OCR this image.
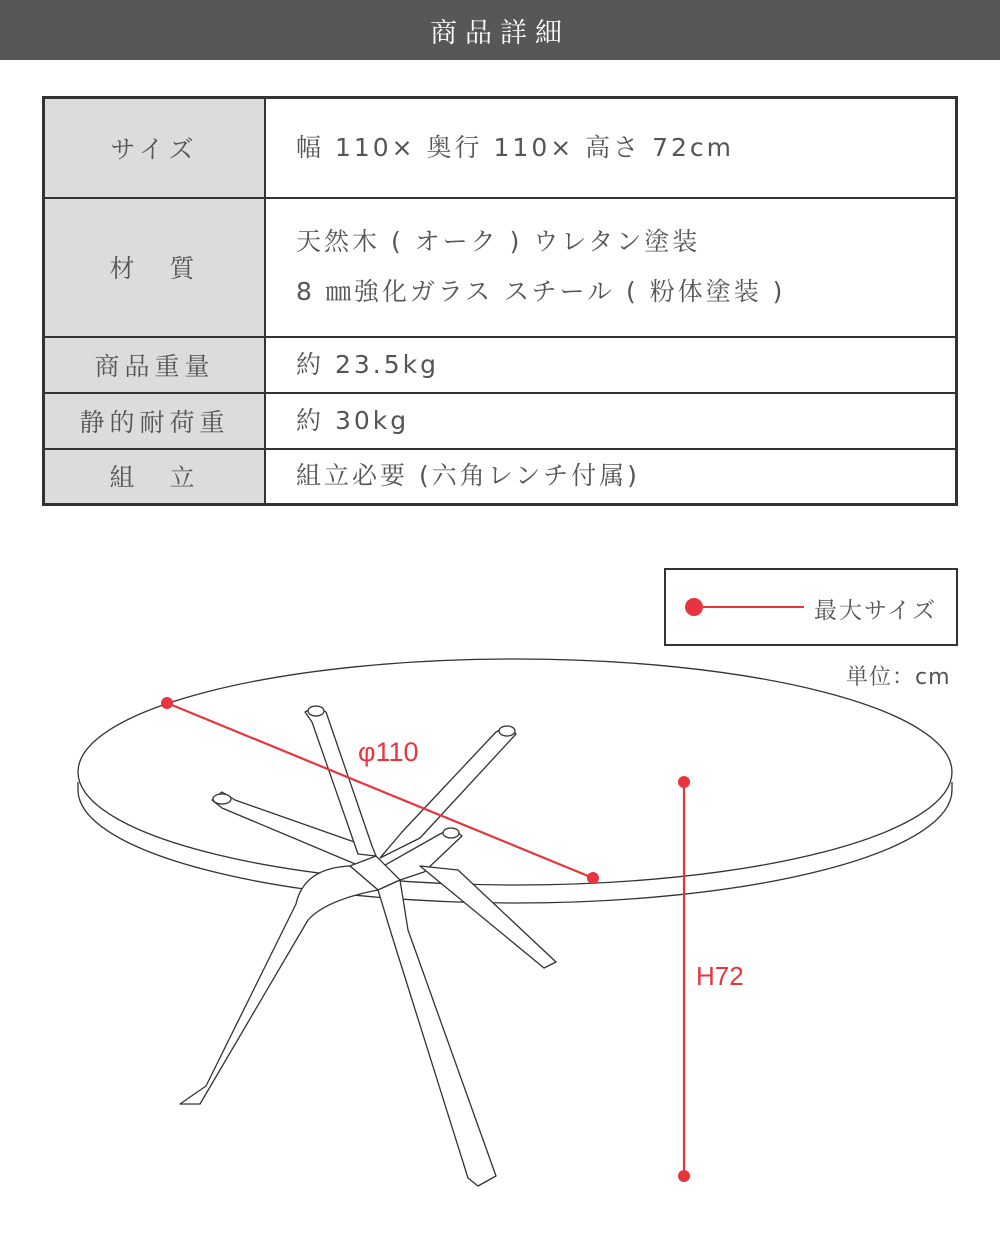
商品詳細
サイズ	幅 110× 奥行 110× 高さ 72cm

材　質	天然木 ( オーク ) ウレタン塗装
8 ㎜強化ガラス スチール ( 粉体塗装 )

商品重量	約 23.5kg

静的耐荷重	約 30kg

組　立	組立必要 (六角レンチ付属)
最大サイズ
単位：cm
φ110
H72
